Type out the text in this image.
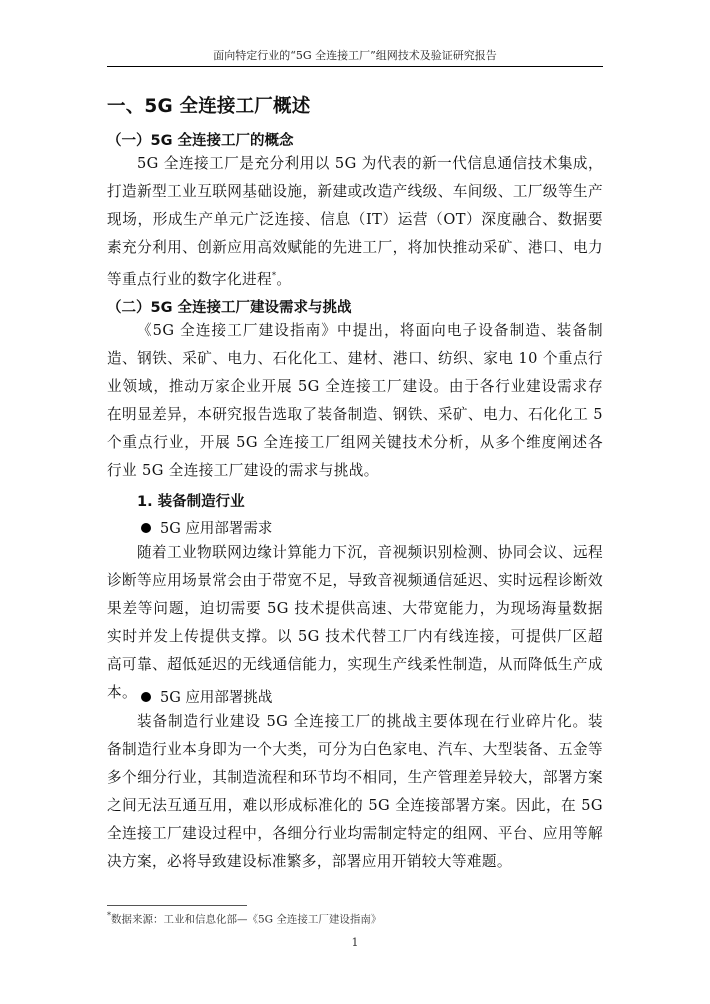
面向特定行业的“5G 全连接工厂”组网技术及验证研究报告
一、5G 全连接工厂概述
（一）5G 全连接工厂的概念
5G 全连接工厂是充分利用以 5G 为代表的新一代信息通信技术集成，打造新型工业互联网基础设施，新建或改造产线级、车间级、工厂级等生产现场，形成生产单元广泛连接、信息（IT）运营（OT）深度融合、数据要素充分利用、创新应用高效赋能的先进工厂，将加快推动采矿、港口、电力等重点行业的数字化进程*。
（二）5G 全连接工厂建设需求与挑战
《5G 全连接工厂建设指南》中提出，将面向电子设备制造、装备制造、钢铁、采矿、电力、石化化工、建材、港口、纺织、家电 10 个重点行业领域，推动万家企业开展 5G 全连接工厂建设。由于各行业建设需求存在明显差异，本研究报告选取了装备制造、钢铁、采矿、电力、石化化工 5 个重点行业，开展 5G 全连接工厂组网关键技术分析，从多个维度阐述各行业 5G 全连接工厂建设的需求与挑战。
1. 装备制造行业
5G 应用部署需求
随着工业物联网边缘计算能力下沉，音视频识别检测、协同会议、远程诊断等应用场景常会由于带宽不足，导致音视频通信延迟、实时远程诊断效果差等问题，迫切需要 5G 技术提供高速、大带宽能力，为现场海量数据实时并发上传提供支撑。以 5G 技术代替工厂内有线连接，可提供厂区超高可靠、超低延迟的无线通信能力，实现生产线柔性制造，从而降低生产成本。	5G 应用部署挑战
装备制造行业建设 5G 全连接工厂的挑战主要体现在行业碎片化。装备制造行业本身即为一个大类，可分为白色家电、汽车、大型装备、五金等多个细分行业，其制造流程和环节均不相同，生产管理差异较大，部署方案之间无法互通互用，难以形成标准化的 5G 全连接部署方案。因此，在 5G 全连接工厂建设过程中，各细分行业均需制定特定的组网、平台、应用等解决方案，必将导致建设标准繁多，部署应用开销较大等难题。
*数据来源：工业和信息化部—《5G 全连接工厂建设指南》
1
